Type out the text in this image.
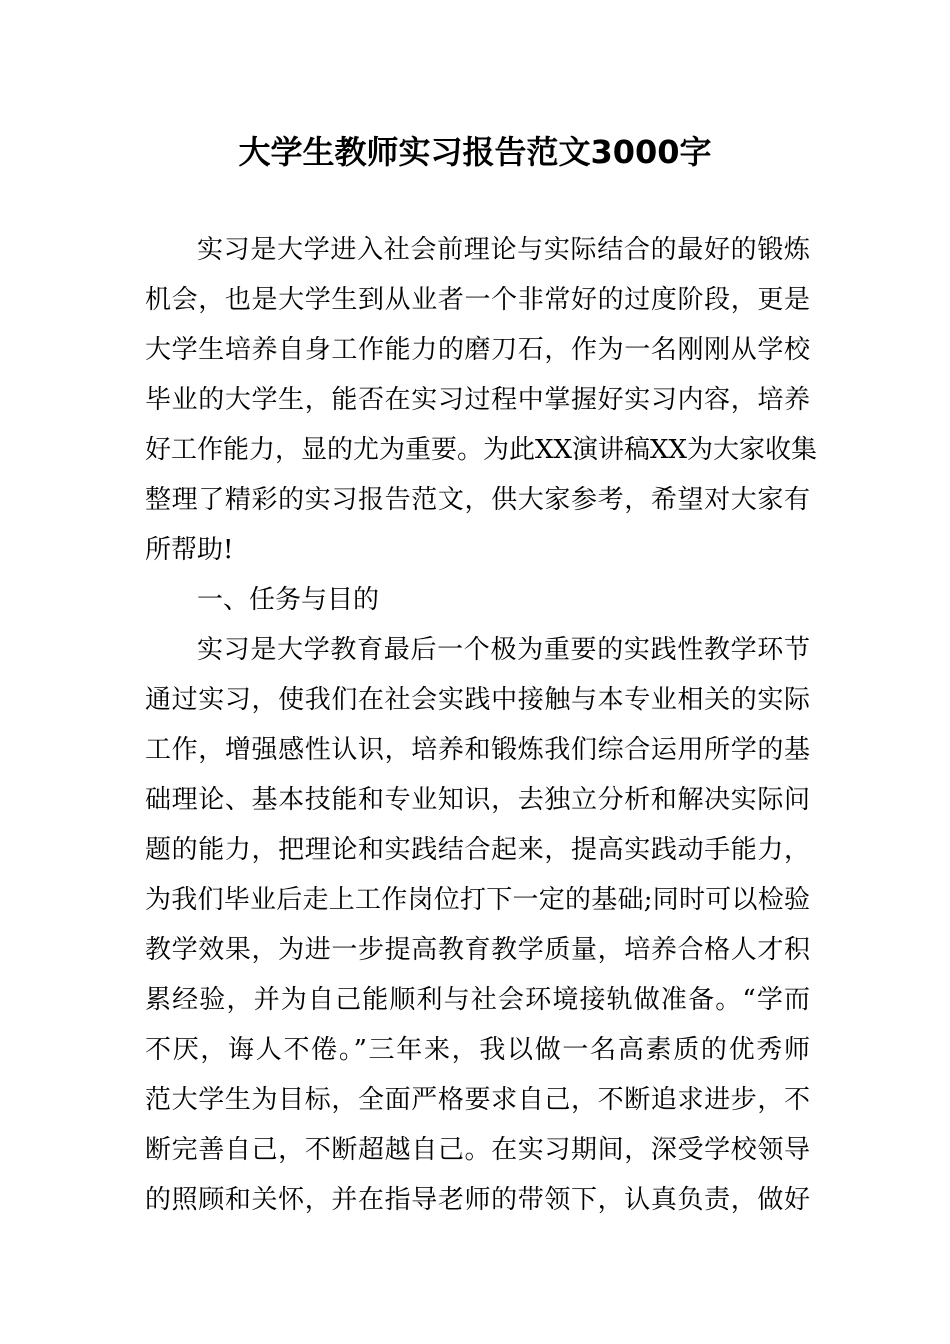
大学生教师实习报告范文3000字
实习是大学进入社会前理论与实际结合的最好的锻炼
机会，也是大学生到从业者一个非常好的过度阶段，更是
大学生培养自身工作能力的磨刀石，作为一名刚刚从学校
毕业的大学生，能否在实习过程中掌握好实习内容，培养
好工作能力，显的尤为重要。为此XX演讲稿XX为大家收集
整理了精彩的实习报告范文，供大家参考，希望对大家有
所帮助!
一、任务与目的
实习是大学教育最后一个极为重要的实践性教学环节
通过实习，使我们在社会实践中接触与本专业相关的实际
工作，增强感性认识，培养和锻炼我们综合运用所学的基
础理论、基本技能和专业知识，去独立分析和解决实际问
题的能力，把理论和实践结合起来，提高实践动手能力，
为我们毕业后走上工作岗位打下一定的基础;同时可以检验
教学效果，为进一步提高教育教学质量，培养合格人才积
累经验，并为自己能顺利与社会环境接轨做准备。“学而
不厌，诲人不倦。”三年来，我以做一名高素质的优秀师
范大学生为目标，全面严格要求自己，不断追求进步，不
断完善自己，不断超越自己。在实习期间，深受学校领导
的照顾和关怀，并在指导老师的带领下，认真负责，做好
